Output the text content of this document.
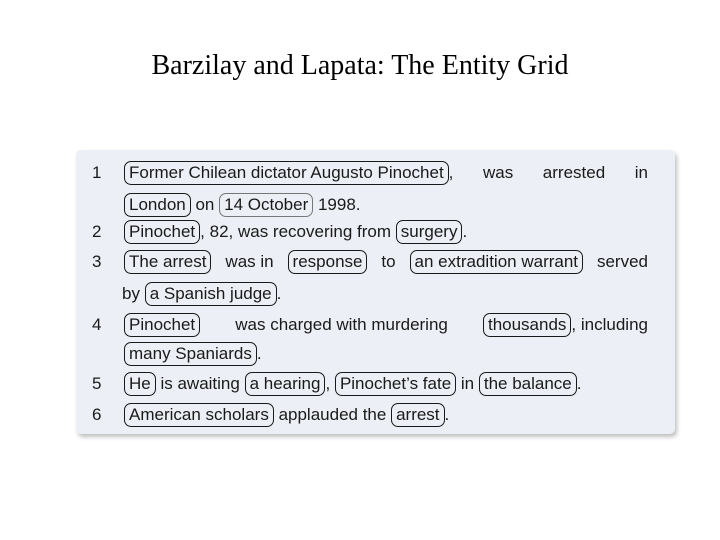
Barzilay and Lapata: The Entity Grid
1 Former Chilean dictator Augusto Pinochet , was arrested in
London on 14 October 1998.
2 Pinochet , 82, was recovering from surgery .
3 The arrest was in response to an extradition warrant served
by a Spanish judge .
4 Pinochet was charged with murdering thousands , including
many Spaniards .
5 He is awaiting a hearing , Pinochet’s fate in the balance .
6 American scholars applauded the arrest .
